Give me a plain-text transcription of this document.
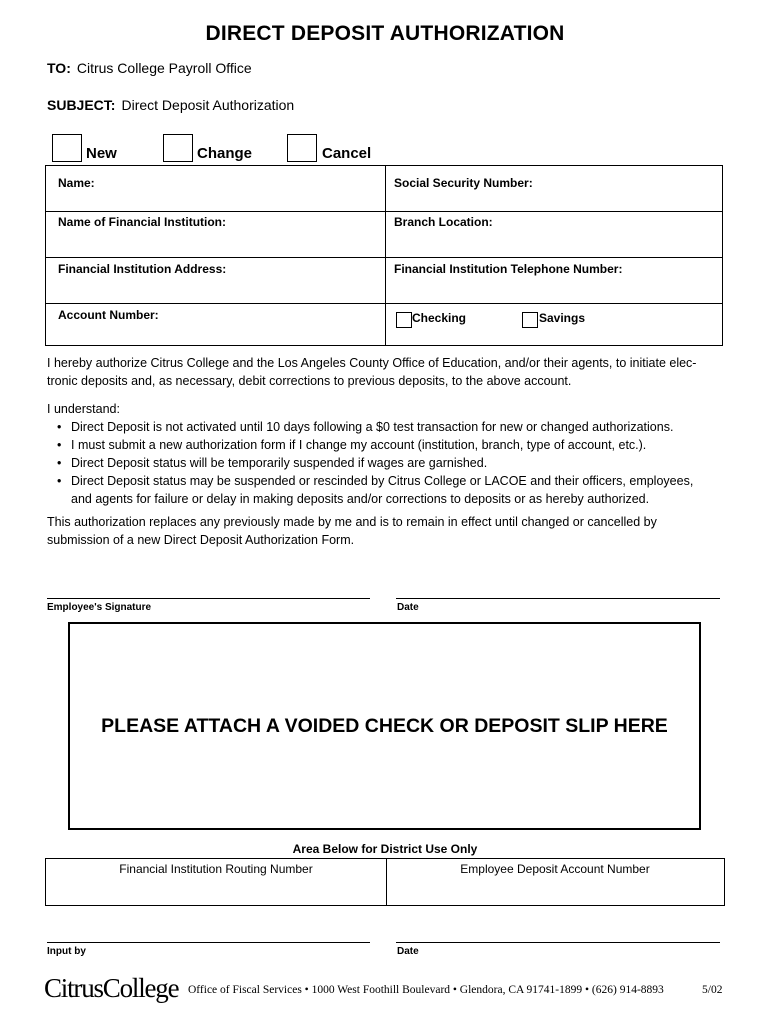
DIRECT DEPOSIT AUTHORIZATION
TO: Citrus College Payroll Office
SUBJECT: Direct Deposit Authorization
New	Change	Cancel
Name:	Social Security Number:
Name of Financial Institution:	Branch Location:
Financial Institution Address:	Financial Institution Telephone Number:
Account Number:	Checking	Savings
I hereby authorize Citrus College and the Los Angeles County Office of Education, and/or their agents, to initiate elec-
tronic deposits and, as necessary, debit corrections to previous deposits, to the above account.
I understand:
• Direct Deposit is not activated until 10 days following a $0 test transaction for new or changed authorizations.
• I must submit a new authorization form if I change my account (institution, branch, type of account, etc.).
• Direct Deposit status will be temporarily suspended if wages are garnished.
• Direct Deposit status may be suspended or rescinded by Citrus College or LACOE and their officers, employees,
and agents for failure or delay in making deposits and/or corrections to deposits or as hereby authorized.
This authorization replaces any previously made by me and is to remain in effect until changed or cancelled by
submission of a new Direct Deposit Authorization Form.
Employee's Signature	Date
PLEASE ATTACH A VOIDED CHECK OR DEPOSIT SLIP HERE
Area Below for District Use Only
Financial Institution Routing Number	Employee Deposit Account Number
Input by	Date
CitrusCollege Office of Fiscal Services • 1000 West Foothill Boulevard • Glendora, CA 91741-1899 • (626) 914-8893	5/02
